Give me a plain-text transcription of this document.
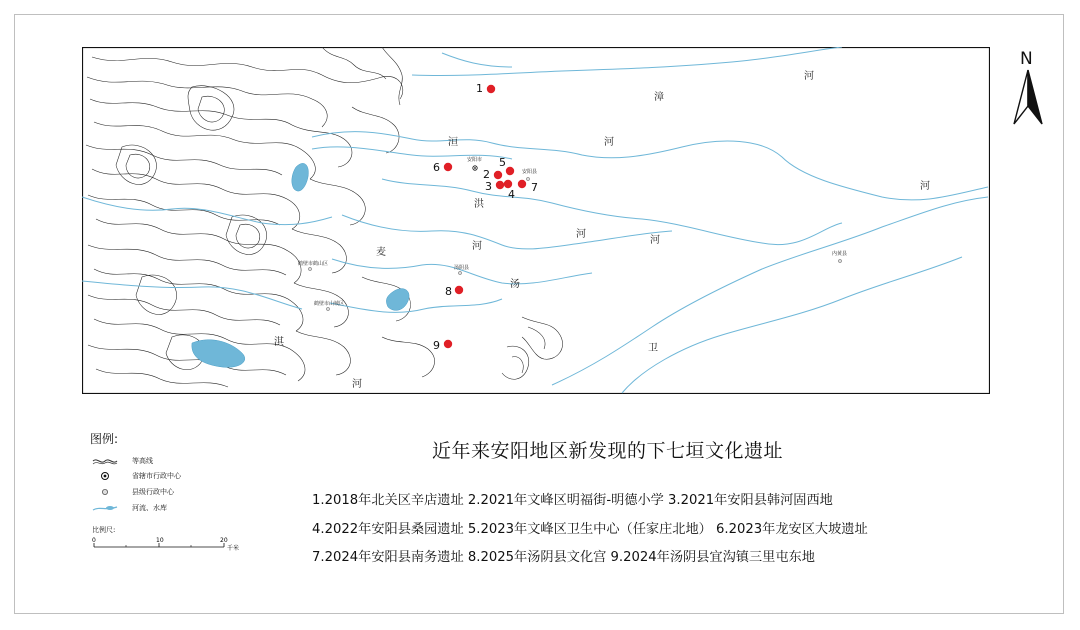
河
漳
洹	河
河
洪
河
河
河
淇
汤
卫
麦
河
安阳市
安阳县
汤阴县
内黄县
鹤壁市鹤山区
鹤壁市山城区
1
2
3
4
5
6
7
8
9
N
图例:
等高线
省辖市行政中心
县级行政中心
河流、水库
比例尺:
0	10	20
千米
近年来安阳地区新发现的下七垣文化遗址
1.2018年北关区辛店遗址 2.2021年文峰区明福街-明德小学 3.2021年安阳县韩河固西地
4.2022年安阳县桑园遗址 5.2023年文峰区卫生中心（任家庄北地） 6.2023年龙安区大坡遗址
7.2024年安阳县南务遗址 8.2025年汤阴县文化宫 9.2024年汤阴县宜沟镇三里屯东地
